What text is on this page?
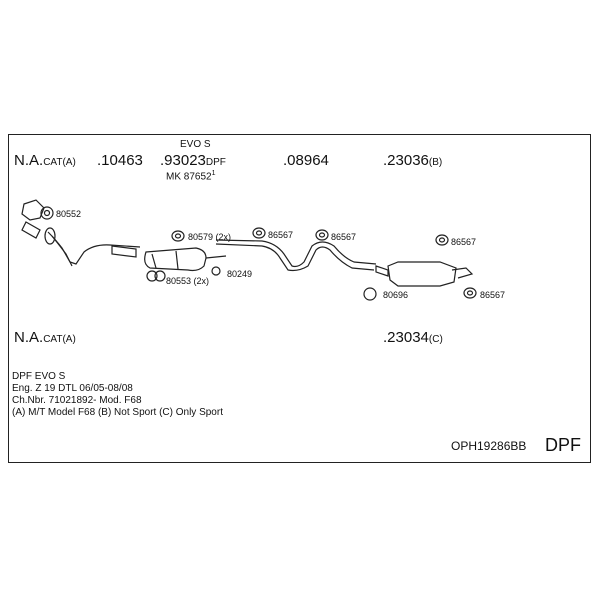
N.A.CAT(A) .10463
EVO S
.93023DPF
MK 87652$^1$
.08964	.23036(B)
80552
80579 (2x)	86567	86567	86567
80249
80553 (2x)
80696	86567
N.A.CAT(A)	.23034(C)
DPF EVO S
Eng. Z 19 DTL 06/05-08/08
Ch.Nbr. 71021892- Mod. F68
(A) M/T Model F68 (B) Not Sport (C) Only Sport
OPH19286BB DPF
